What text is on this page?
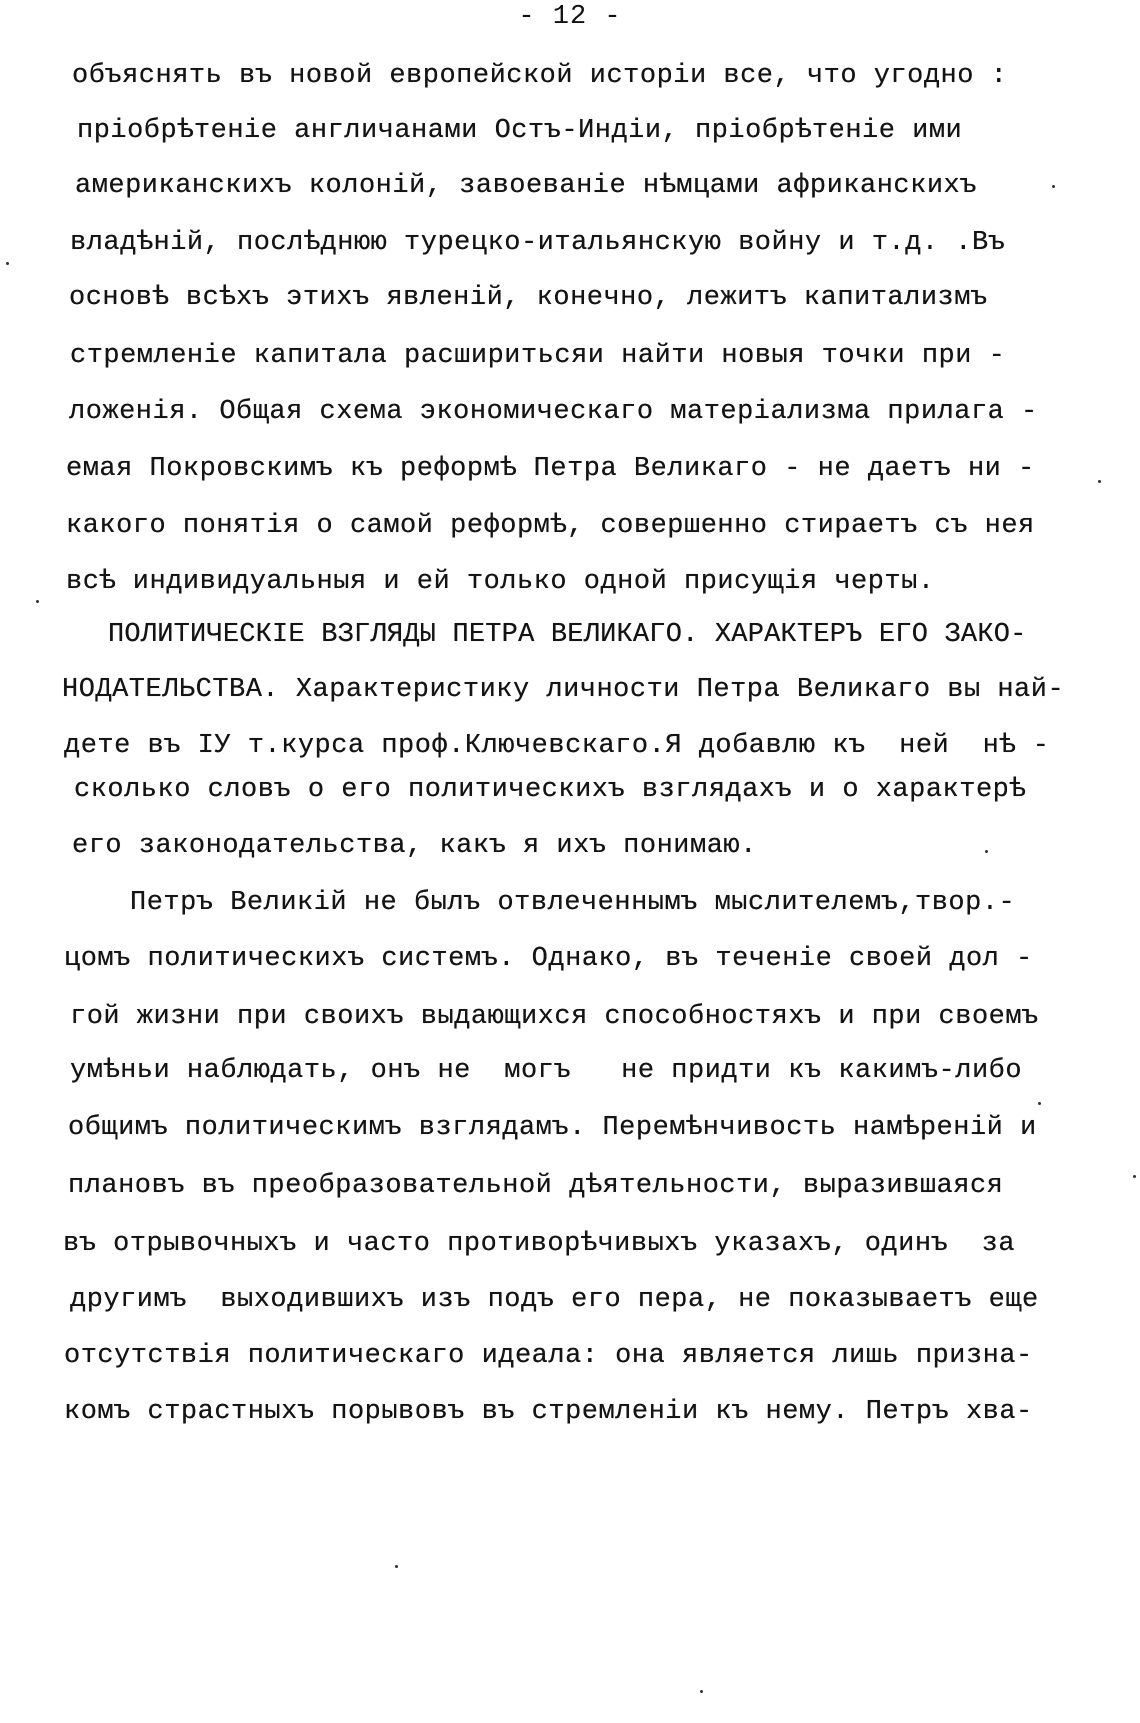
- 12 -
объяснять въ новой европейской исторiи все, что угодно :
прiобрѣтенiе англичанами Остъ-Индiи, прiобрѣтенiе ими
американскихъ колонiй, завоеванiе нѣмцами африканскихъ
владѣнiй, послѣднюю турецко-итальянскую войну и т.д. .Въ
основѣ всѣхъ этихъ явленiй, конечно, лежитъ капитализмъ
стремленiе капитала расширитьсяи найти новыя точки при -
ложенiя. Общая схема экономическаго матерiализма прилага -
емая Покровскимъ къ реформѣ Петра Великаго - не даетъ ни -
какого понятiя о самой реформѣ, совершенно стираетъ съ нея
всѣ индивидуальныя и ей только одной присущiя черты.
ПОЛИТИЧЕСКIЕ ВЗГЛЯДЫ ПЕТРА ВЕЛИКАГО. ХАРАКТЕРЪ ЕГО ЗАКО-
НОДАТЕЛЬСТВА. Характеристику личности Петра Великаго вы най-
дете въ IУ т.курса проф.Ключевскаго.Я добавлю къ  ней  нѣ -
сколько словъ о его политическихъ взглядахъ и о характерѣ
его законодательства, какъ я ихъ понимаю.
Петръ Великiй не былъ отвлеченнымъ мыслителемъ,твор.-
цомъ политическихъ системъ. Однако, въ теченiе своей дол -
гой жизни при своихъ выдающихся способностяхъ и при своемъ
умѣньи наблюдать, онъ не  могъ   не придти къ какимъ-либо
общимъ политическимъ взглядамъ. Перемѣнчивость намѣренiй и
плановъ въ преобразовательной дѣятельности, выразившаяся
въ отрывочныхъ и часто противорѣчивыхъ указахъ, одинъ  за
другимъ  выходившихъ изъ подъ его пера, не показываетъ еще
отсутствiя политическаго идеала: она является лишь призна-
комъ страстныхъ порывовъ въ стремленiи къ нему. Петръ хва-
